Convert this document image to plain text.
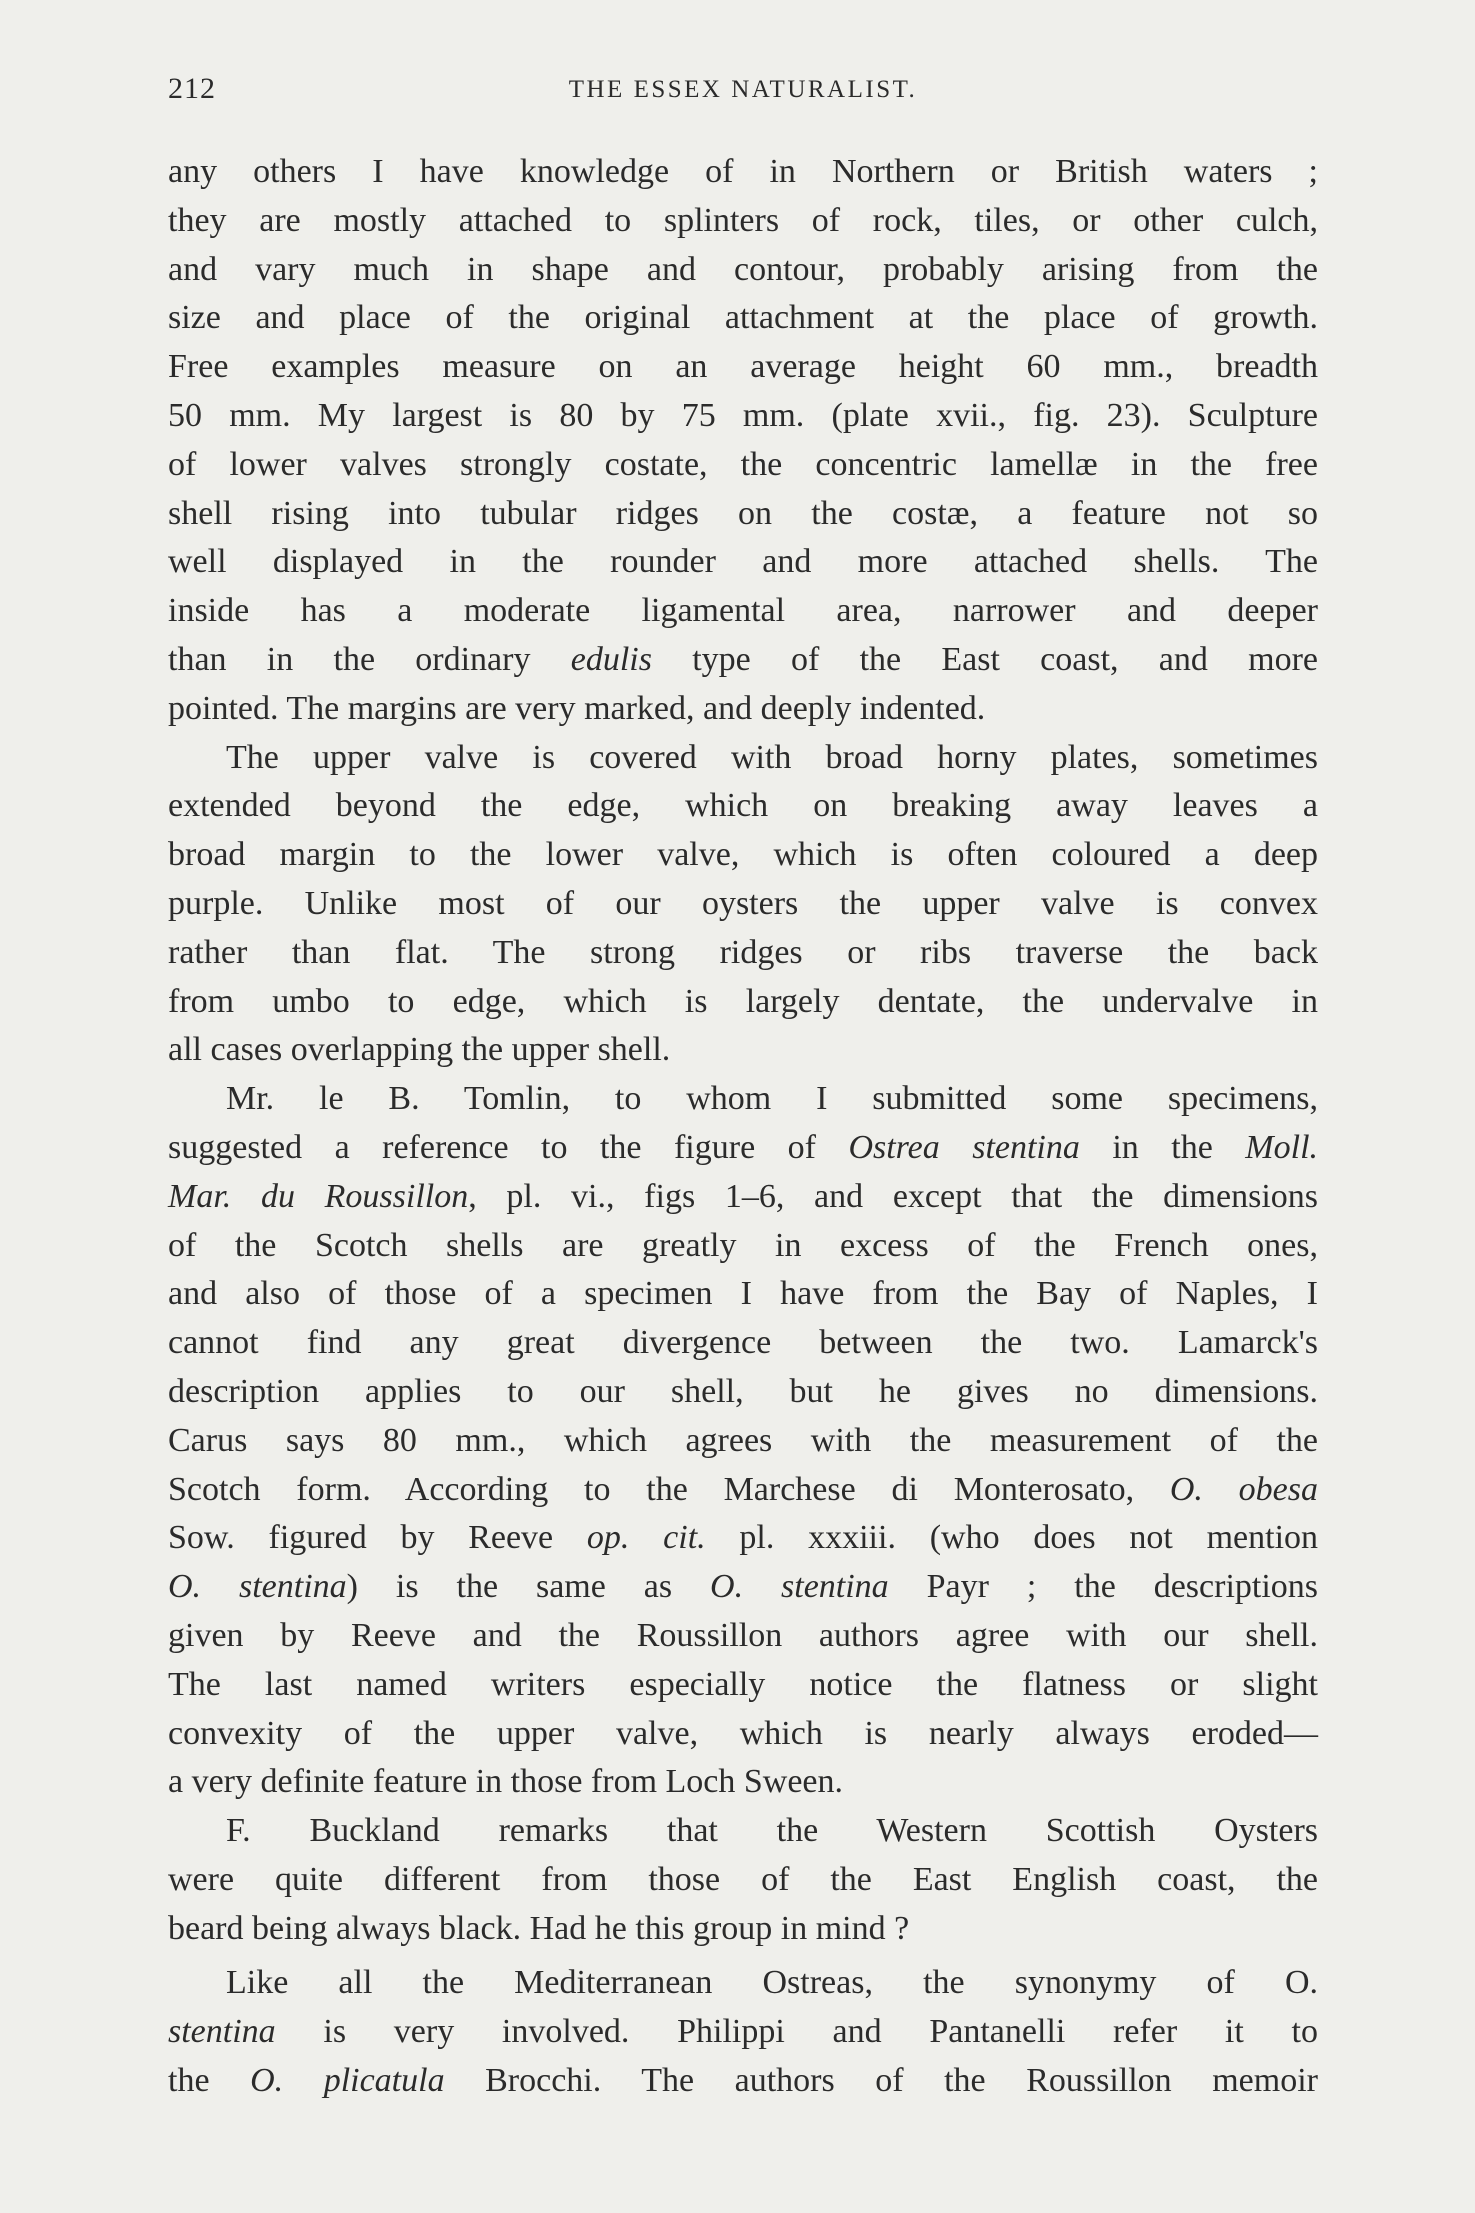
212	THE ESSEX NATURALIST.
any others I have knowledge of in Northern or British waters ;
they are mostly attached to splinters of rock, tiles, or other culch,
and vary much in shape and contour, probably arising from the
size and place of the original attachment at the place of growth.
Free examples measure on an average height 60 mm., breadth
50 mm. My largest is 80 by 75 mm. (plate xvii., fig. 23). Sculpture
of lower valves strongly costate, the concentric lamellæ in the free
shell rising into tubular ridges on the costæ, a feature not so
well displayed in the rounder and more attached shells. The
inside has a moderate ligamental area, narrower and deeper
than in the ordinary edulis type of the East coast, and more
pointed. The margins are very marked, and deeply indented.
The upper valve is covered with broad horny plates, sometimes
extended beyond the edge, which on breaking away leaves a
broad margin to the lower valve, which is often coloured a deep
purple. Unlike most of our oysters the upper valve is convex
rather than flat. The strong ridges or ribs traverse the back
from umbo to edge, which is largely dentate, the undervalve in
all cases overlapping the upper shell.
Mr. le B. Tomlin, to whom I submitted some specimens,
suggested a reference to the figure of Ostrea stentina in the Moll.
Mar. du Roussillon, pl. vi., figs 1–6, and except that the dimensions
of the Scotch shells are greatly in excess of the French ones,
and also of those of a specimen I have from the Bay of Naples, I
cannot find any great divergence between the two. Lamarck's
description applies to our shell, but he gives no dimensions.
Carus says 80 mm., which agrees with the measurement of the
Scotch form. According to the Marchese di Monterosato, O. obesa
Sow. figured by Reeve op. cit. pl. xxxiii. (who does not mention
O. stentina) is the same as O. stentina Payr ; the descriptions
given by Reeve and the Roussillon authors agree with our shell.
The last named writers especially notice the flatness or slight
convexity of the upper valve, which is nearly always eroded—
a very definite feature in those from Loch Sween.
F. Buckland remarks that the Western Scottish Oysters
were quite different from those of the East English coast, the
beard being always black. Had he this group in mind ?
Like all the Mediterranean Ostreas, the synonymy of O.
stentina is very involved. Philippi and Pantanelli refer it to
the O. plicatula Brocchi. The authors of the Roussillon memoir
